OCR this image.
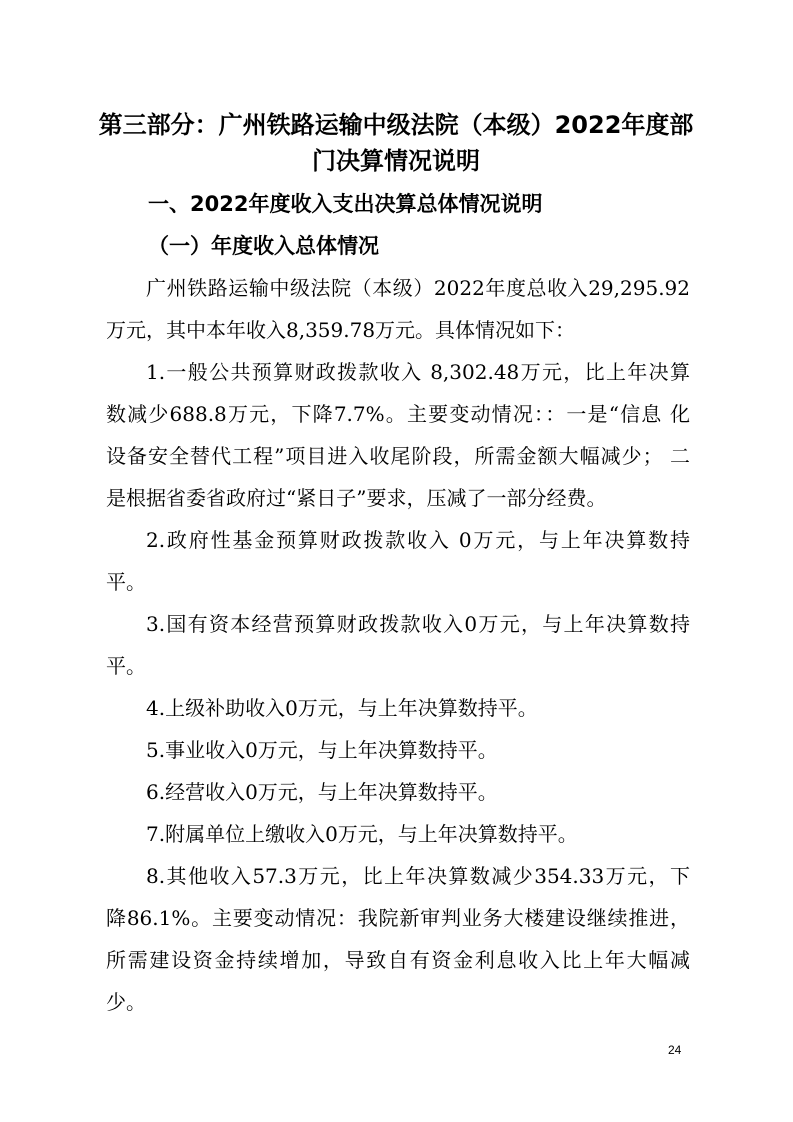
第三部分：广州铁路运输中级法院（本级）2022年度部
门决算情况说明
一、2022年度收入支出决算总体情况说明
（一）年度收入总体情况
广州铁路运输中级法院（本级）2022年度总收入29,295.92
万元，其中本年收入8,359.78万元。具体情况如下：
1.一般公共预算财政拨款收入 8,302.48万元，比上年决算
数减少688.8万元，下降7.7%。主要变动情况：：一是“信息 化
设备安全替代工程”项目进入收尾阶段，所需金额大幅减少； 二
是根据省委省政府过“紧日子”要求，压减了一部分经费。
2.政府性基金预算财政拨款收入 0万元，与上年决算数持
平。
3.国有资本经营预算财政拨款收入0万元，与上年决算数持
平。
4.上级补助收入0万元，与上年决算数持平。
5.事业收入0万元，与上年决算数持平。
6.经营收入0万元，与上年决算数持平。
7.附属单位上缴收入0万元，与上年决算数持平。
8.其他收入57.3万元，比上年决算数减少354.33万元，下
降86.1%。主要变动情况：我院新审判业务大楼建设继续推进，
所需建设资金持续增加，导致自有资金利息收入比上年大幅减
少。
24
